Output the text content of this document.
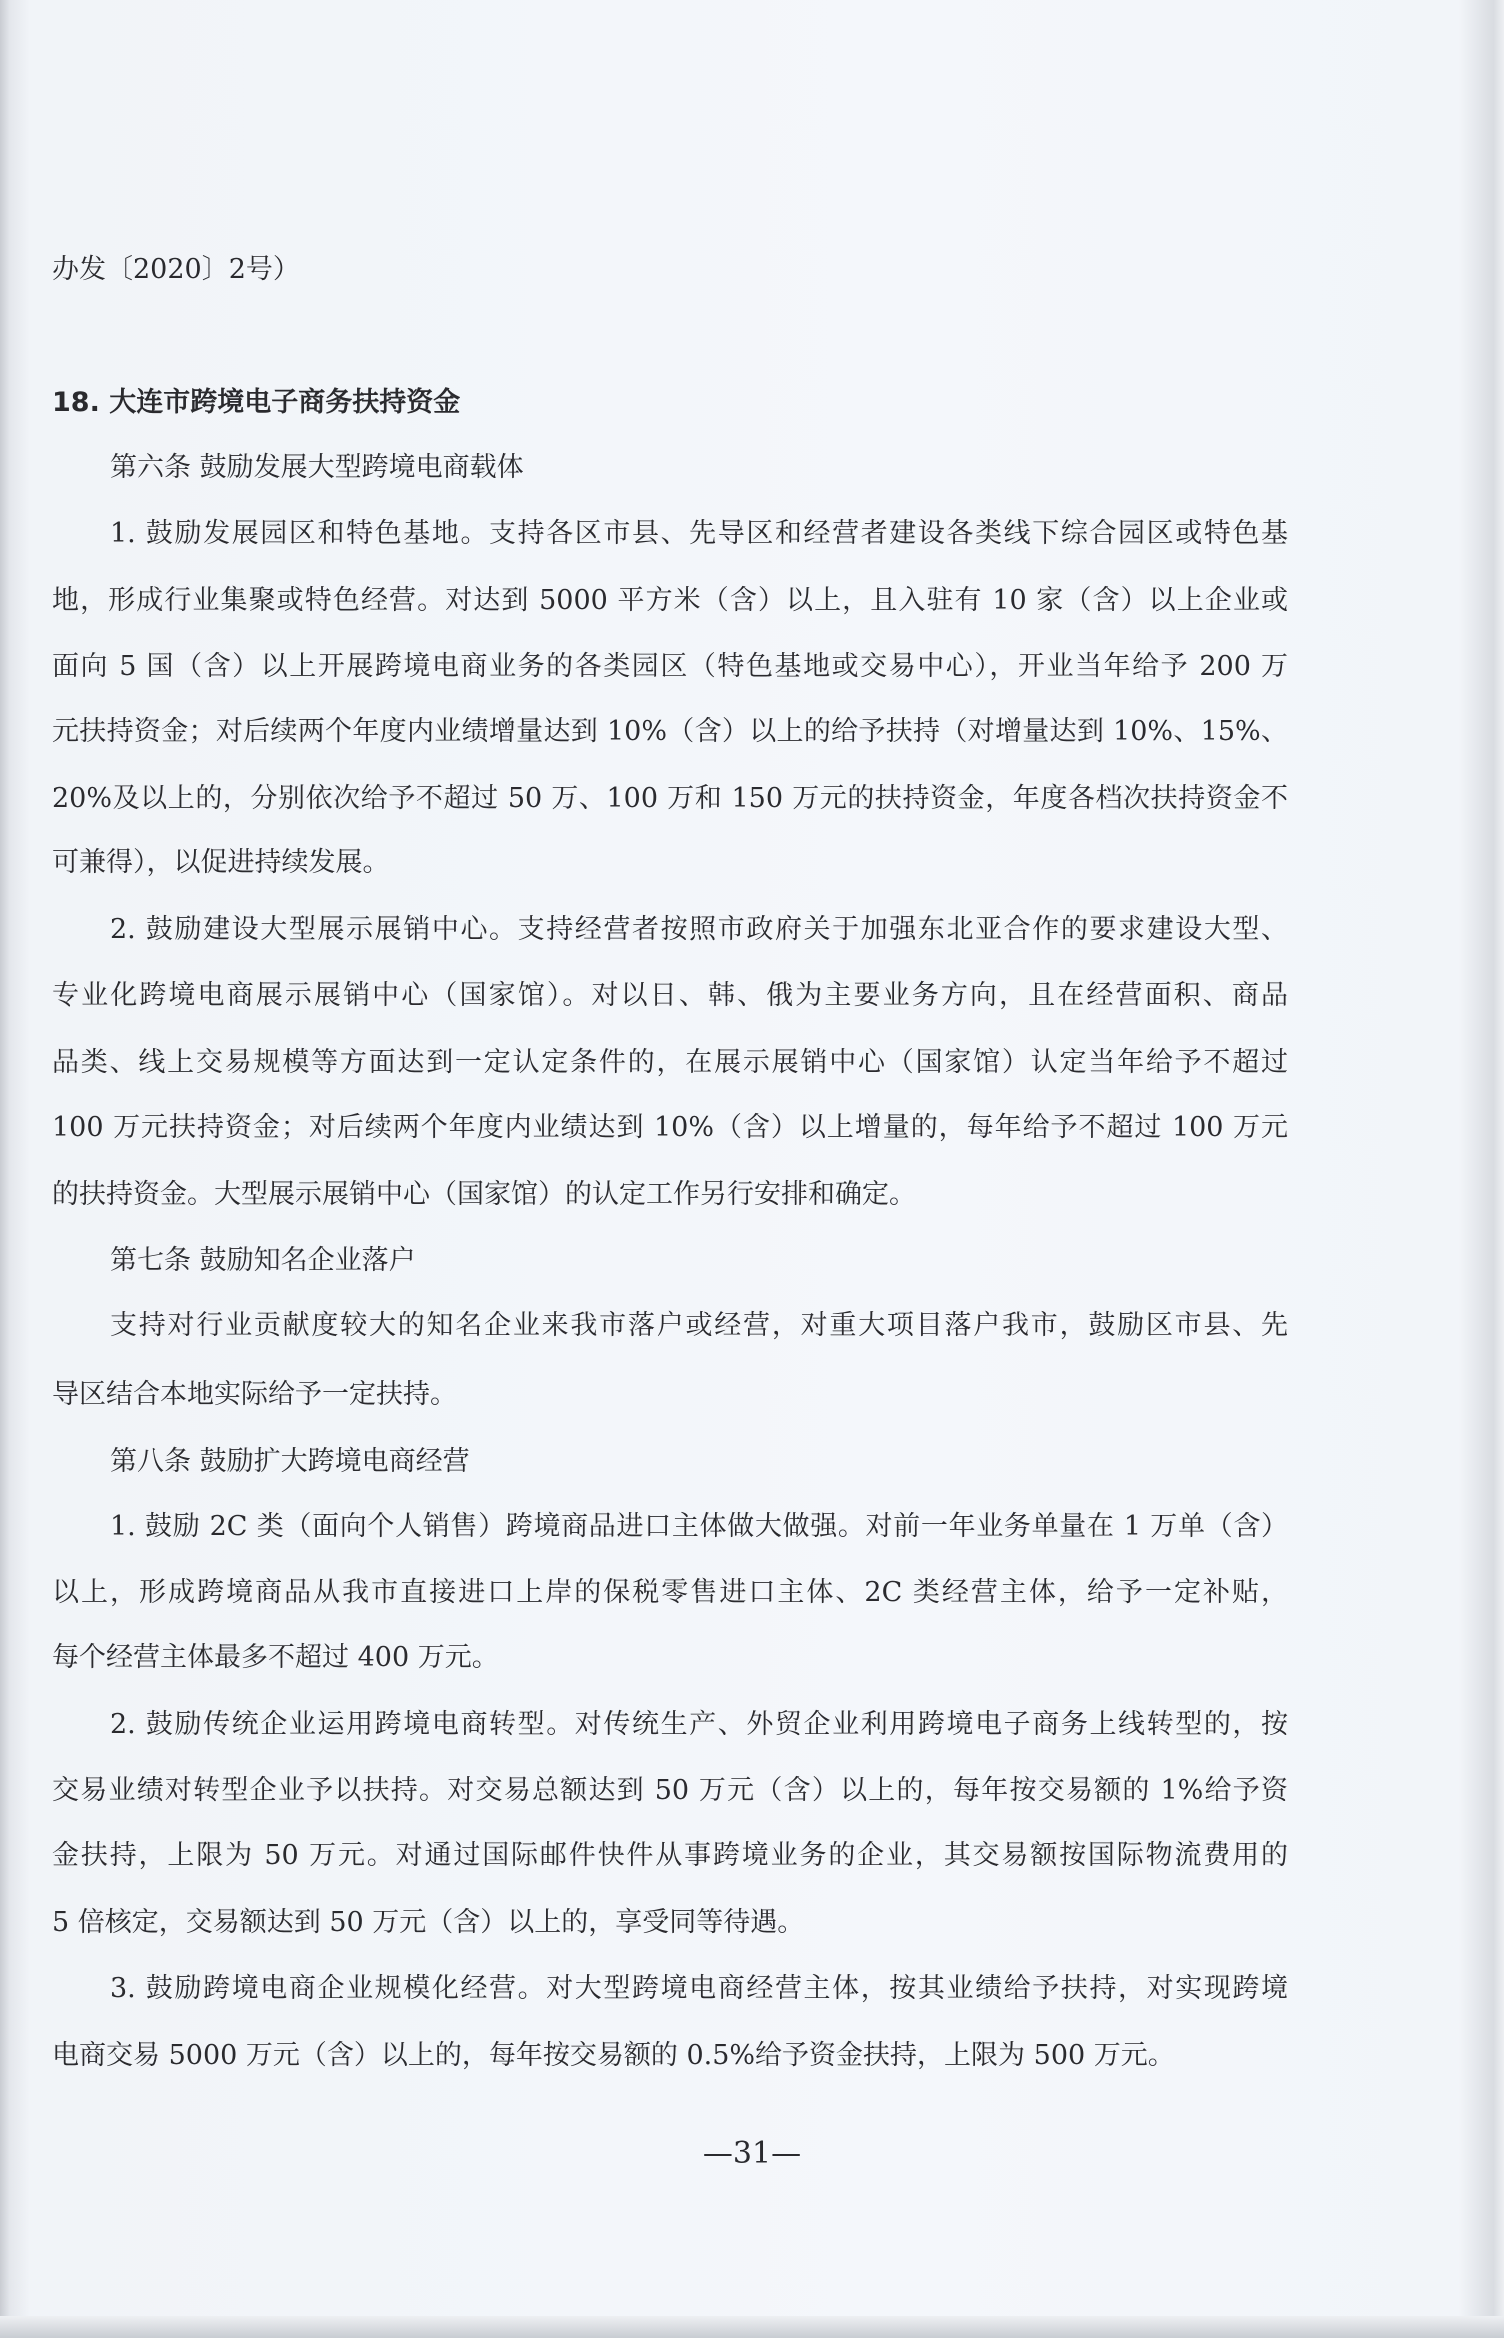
办发〔2020〕2号）
18. 大连市跨境电子商务扶持资金
第六条 鼓励发展大型跨境电商载体
1. 鼓励发展园区和特色基地。支持各区市县、先导区和经营者建设各类线下综合园区或特色基
地，形成行业集聚或特色经营。对达到 5000 平方米（含）以上，且入驻有 10 家（含）以上企业或
面向 5 国（含）以上开展跨境电商业务的各类园区（特色基地或交易中心），开业当年给予 200 万
元扶持资金；对后续两个年度内业绩增量达到 10%（含）以上的给予扶持（对增量达到 10%、15%、
20%及以上的，分别依次给予不超过 50 万、100 万和 150 万元的扶持资金，年度各档次扶持资金不
可兼得），以促进持续发展。
2. 鼓励建设大型展示展销中心。支持经营者按照市政府关于加强东北亚合作的要求建设大型、
专业化跨境电商展示展销中心（国家馆）。对以日、韩、俄为主要业务方向，且在经营面积、商品
品类、线上交易规模等方面达到一定认定条件的，在展示展销中心（国家馆）认定当年给予不超过
100 万元扶持资金；对后续两个年度内业绩达到 10%（含）以上增量的，每年给予不超过 100 万元
的扶持资金。大型展示展销中心（国家馆）的认定工作另行安排和确定。
第七条 鼓励知名企业落户
支持对行业贡献度较大的知名企业来我市落户或经营，对重大项目落户我市，鼓励区市县、先
导区结合本地实际给予一定扶持。
第八条 鼓励扩大跨境电商经营
1. 鼓励 2C 类（面向个人销售）跨境商品进口主体做大做强。对前一年业务单量在 1 万单（含）
以上，形成跨境商品从我市直接进口上岸的保税零售进口主体、2C 类经营主体，给予一定补贴，
每个经营主体最多不超过 400 万元。
2. 鼓励传统企业运用跨境电商转型。对传统生产、外贸企业利用跨境电子商务上线转型的，按
交易业绩对转型企业予以扶持。对交易总额达到 50 万元（含）以上的，每年按交易额的 1%给予资
金扶持，上限为 50 万元。对通过国际邮件快件从事跨境业务的企业，其交易额按国际物流费用的
5 倍核定，交易额达到 50 万元（含）以上的，享受同等待遇。
3. 鼓励跨境电商企业规模化经营。对大型跨境电商经营主体，按其业绩给予扶持，对实现跨境
电商交易 5000 万元（含）以上的，每年按交易额的 0.5%给予资金扶持，上限为 500 万元。
—31—
